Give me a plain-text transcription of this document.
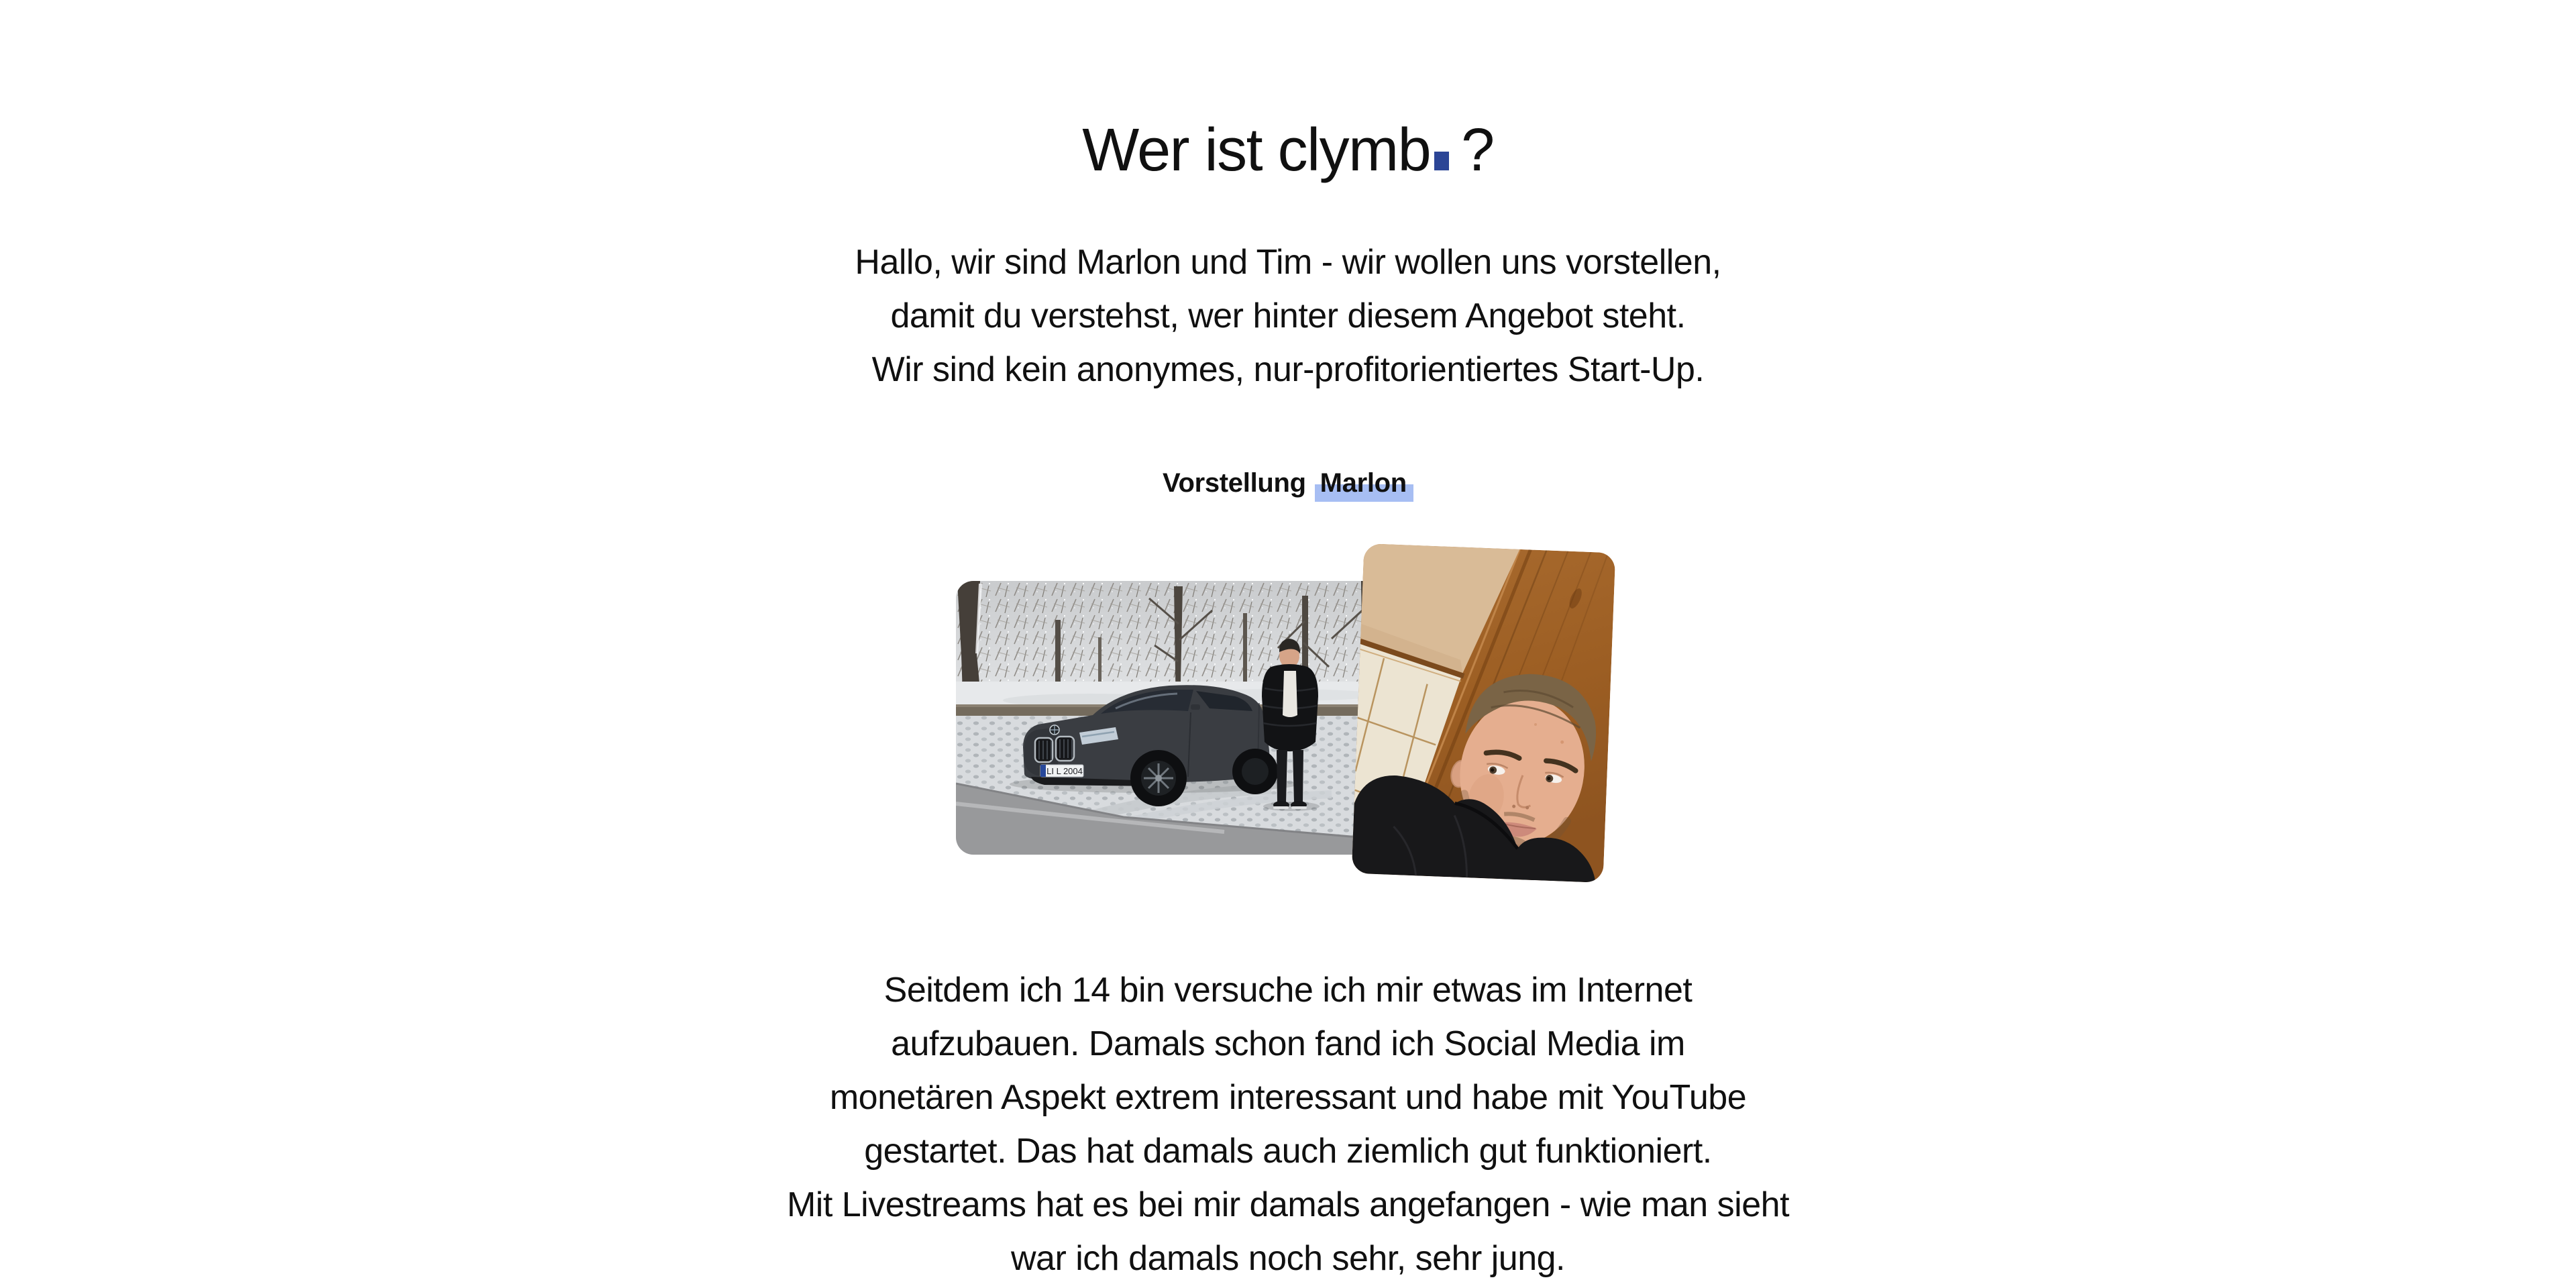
Wer ist clymb ?

Hallo, wir sind Marlon und Tim - wir wollen uns vorstellen,
damit du verstehst, wer hinter diesem Angebot steht.
Wir sind kein anonymes, nur-profitorientiertes Start-Up.

Vorstellung Marlon
LI L 2004

Seitdem ich 14 bin versuche ich mir etwas im Internet
aufzubauen. Damals schon fand ich Social Media im
monetären Aspekt extrem interessant und habe mit YouTube
gestartet. Das hat damals auch ziemlich gut funktioniert.
Mit Livestreams hat es bei mir damals angefangen - wie man sieht
war ich damals noch sehr, sehr jung.
